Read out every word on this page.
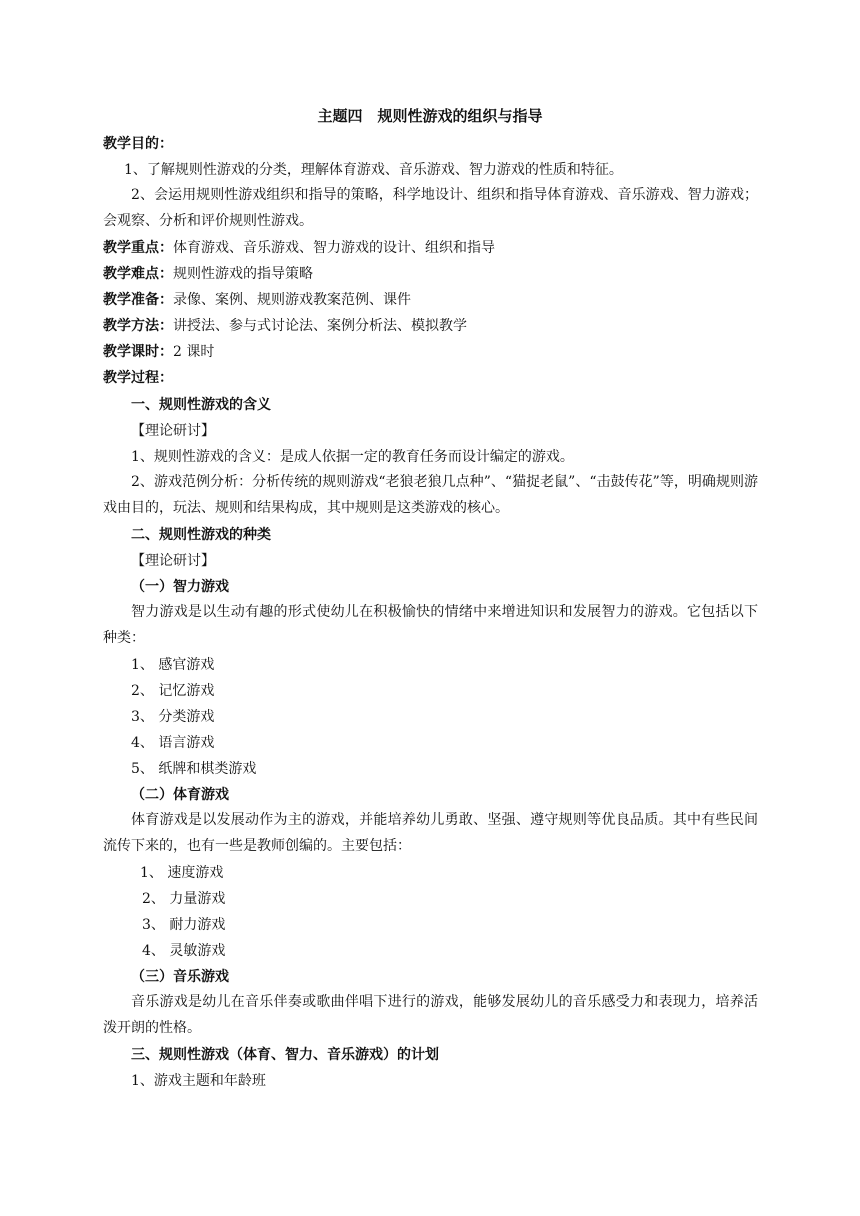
主题四　规则性游戏的组织与指导
教学目的：
1、了解规则性游戏的分类，理解体育游戏、音乐游戏、智力游戏的性质和特征。
2、会运用规则性游戏组织和指导的策略，科学地设计、组织和指导体育游戏、音乐游戏、智力游戏；会观察、分析和评价规则性游戏。
教学重点：体育游戏、音乐游戏、智力游戏的设计、组织和指导
教学难点：规则性游戏的指导策略
教学准备：录像、案例、规则游戏教案范例、课件
教学方法：讲授法、参与式讨论法、案例分析法、模拟教学
教学课时：2 课时
教学过程：
一、规则性游戏的含义
【理论研讨】
1、规则性游戏的含义：是成人依据一定的教育任务而设计编定的游戏。
2、游戏范例分析：分析传统的规则游戏“老狼老狼几点种”、“猫捉老鼠”、“击鼓传花”等，明确规则游戏由目的，玩法、规则和结果构成，其中规则是这类游戏的核心。
二、规则性游戏的种类
【理论研讨】
（一）智力游戏
智力游戏是以生动有趣的形式使幼儿在积极愉快的情绪中来增进知识和发展智力的游戏。它包括以下种类：
1、 感官游戏
2、 记忆游戏
3、 分类游戏
4、 语言游戏
5、 纸牌和棋类游戏
（二）体育游戏
体育游戏是以发展动作为主的游戏，并能培养幼儿勇敢、坚强、遵守规则等优良品质。其中有些民间流传下来的，也有一些是教师创编的。主要包括：
1、 速度游戏
2、 力量游戏
3、 耐力游戏
4、 灵敏游戏
（三）音乐游戏
音乐游戏是幼儿在音乐伴奏或歌曲伴唱下进行的游戏，能够发展幼儿的音乐感受力和表现力，培养活泼开朗的性格。
三、规则性游戏（体育、智力、音乐游戏）的计划
1、游戏主题和年龄班
